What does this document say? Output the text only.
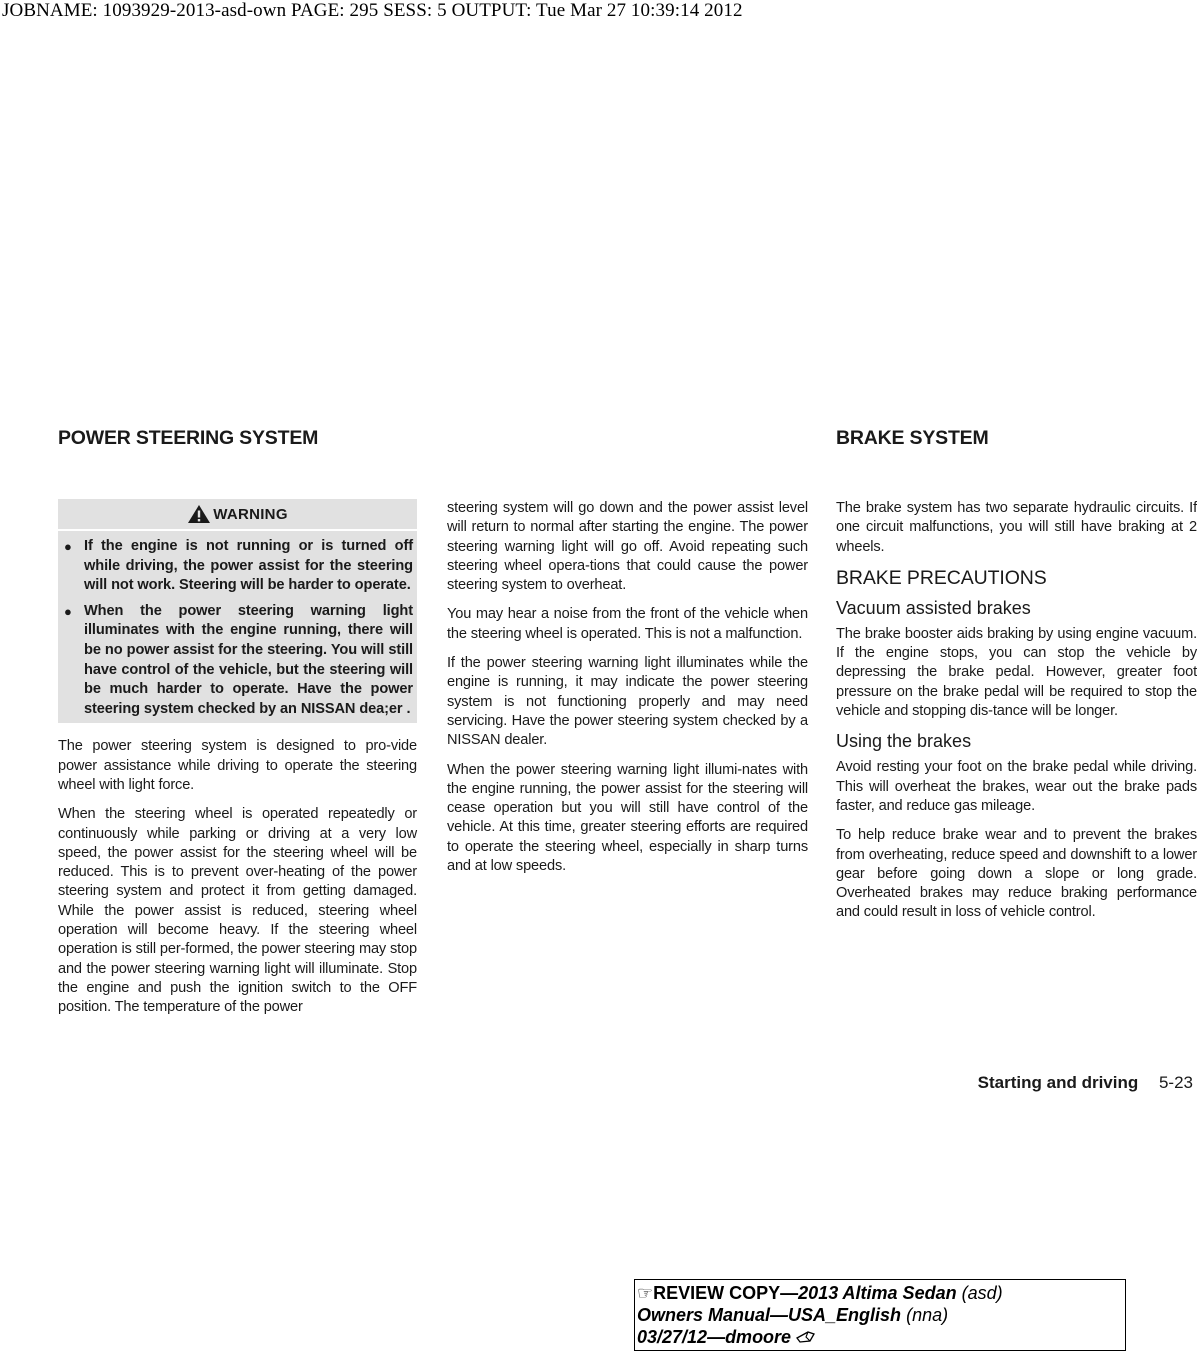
JOBNAME: 1093929-2013-asd-own PAGE: 295 SESS: 5 OUTPUT: Tue Mar 27 10:39:14 2012
POWER STEERING SYSTEM
WARNING
● If the engine is not running or is turned off while driving, the power assist for the steering will not work. Steering will be harder to operate.
● When the power steering warning light illuminates with the engine running, there will be no power assist for the steering. You will still have control of the vehicle, but the steering will be much harder to operate. Have the power steering system checked by an NISSAN dea;er .

The power steering system is designed to pro-vide power assistance while driving to operate the steering wheel with light force.

When the steering wheel is operated repeatedly or continuously while parking or driving at a very low speed, the power assist for the steering wheel will be reduced. This is to prevent over-heating of the power steering system and protect it from getting damaged. While the power assist is reduced, steering wheel operation will become heavy. If the steering wheel operation is still per-formed, the power steering may stop and the power steering warning light will illuminate. Stop the engine and push the ignition switch to the OFF position. The temperature of the power

steering system will go down and the power assist level will return to normal after starting the engine. The power steering warning light will go off. Avoid repeating such steering wheel opera-tions that could cause the power steering system to overheat.

You may hear a noise from the front of the vehicle when the steering wheel is operated. This is not a malfunction.

If the power steering warning light illuminates while the engine is running, it may indicate the power steering system is not functioning properly and may need servicing. Have the power steering system checked by a NISSAN dealer.

When the power steering warning light illumi-nates with the engine running, the power assist for the steering will cease operation but you will still have control of the vehicle. At this time, greater steering efforts are required to operate the steering wheel, especially in sharp turns and at low speeds.

BRAKE SYSTEM

The brake system has two separate hydraulic circuits. If one circuit malfunctions, you will still have braking at 2 wheels.

BRAKE PRECAUTIONS
Vacuum assisted brakes

The brake booster aids braking by using engine vacuum. If the engine stops, you can stop the vehicle by depressing the brake pedal. However, greater foot pressure on the brake pedal will be required to stop the vehicle and stopping dis-tance will be longer.

Using the brakes

Avoid resting your foot on the brake pedal while driving. This will overheat the brakes, wear out the brake pads faster, and reduce gas mileage.

To help reduce brake wear and to prevent the brakes from overheating, reduce speed and downshift to a lower gear before going down a slope or long grade. Overheated brakes may reduce braking performance and could result in loss of vehicle control.

Starting and driving 5-23
☞REVIEW COPY—2013 Altima Sedan (asd)
Owners Manual—USA_English (nna)
03/27/12—dmoore
